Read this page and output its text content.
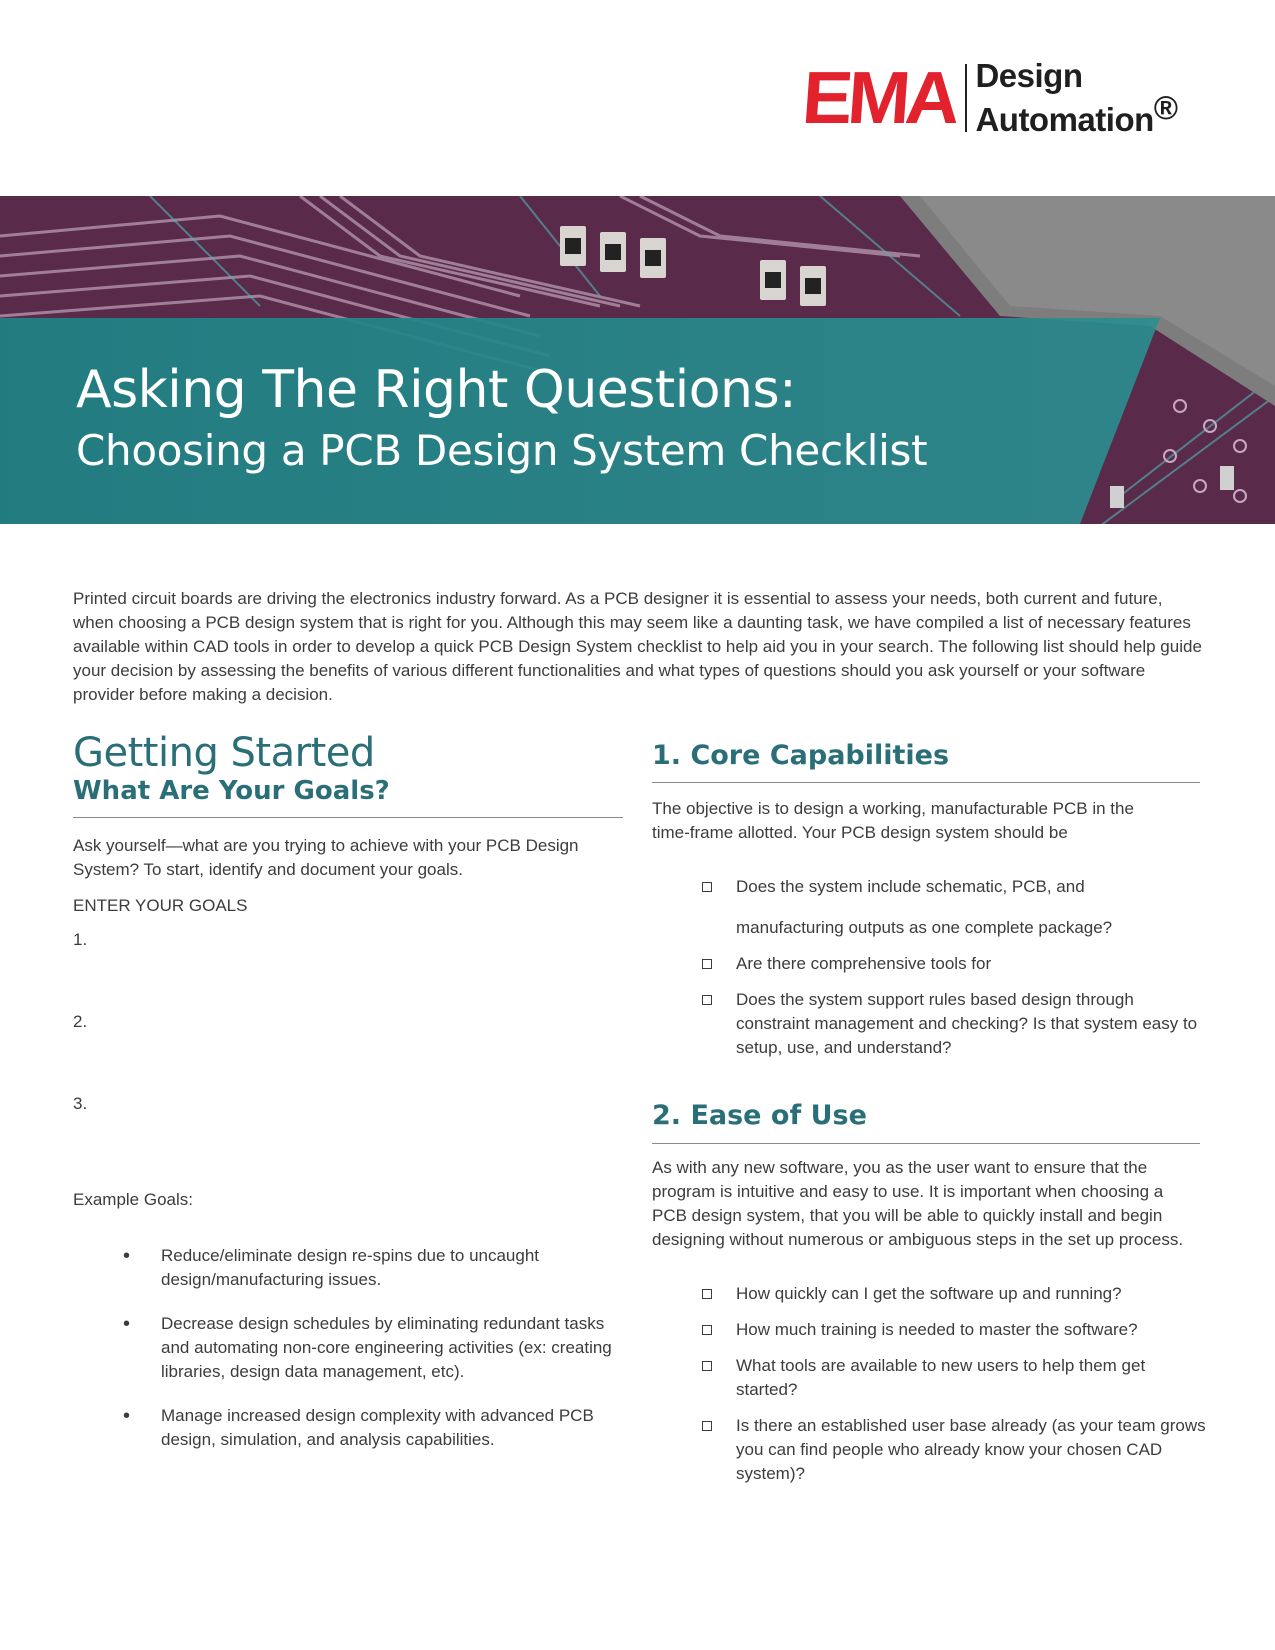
EMA Design
Automation®
Asking The Right Questions:
Choosing a PCB Design System Checklist

Printed circuit boards are driving the electronics industry forward. As a PCB designer it is essential to assess your needs, both current and future, when choosing a PCB design system that is right for you. Although this may seem like a daunting task, we have compiled a list of necessary features available within CAD tools in order to develop a quick PCB Design System checklist to help aid you in your search. The following list should help guide your decision by assessing the benefits of various different functionalities and what types of questions should you ask yourself or your software provider before making a decision.

Getting Started
What Are Your Goals?

Ask yourself—what are you trying to achieve with your PCB Design System? To start, identify and document your goals.

ENTER YOUR GOALS

1.

2.

3.

Example Goals:

• Reduce/eliminate design re-spins due to uncaught design/manufacturing issues.
• Decrease design schedules by eliminating redundant tasks and automating non-core engineering activities (ex: creating libraries, design data management, etc).
• Manage increased design complexity with advanced PCB design, simulation, and analysis capabilities.
1. Core Capabilities

The objective is to design a working, manufacturable PCB in the time-frame allotted. Your PCB design system should be

Does the system include schematic, PCB, and
manufacturing outputs as one complete package?
Are there comprehensive tools for
Does the system support rules based design through constraint management and checking? Is that system easy to setup, use, and understand?
2. Ease of Use

As with any new software, you as the user want to ensure that the program is intuitive and easy to use. It is important when choosing a PCB design system, that you will be able to quickly install and begin designing without numerous or ambiguous steps in the set up process.

How quickly can I get the software up and running?
How much training is needed to master the software?
What tools are available to new users to help them get started?
Is there an established user base already (as your team grows you can find people who already know your chosen CAD system)?
